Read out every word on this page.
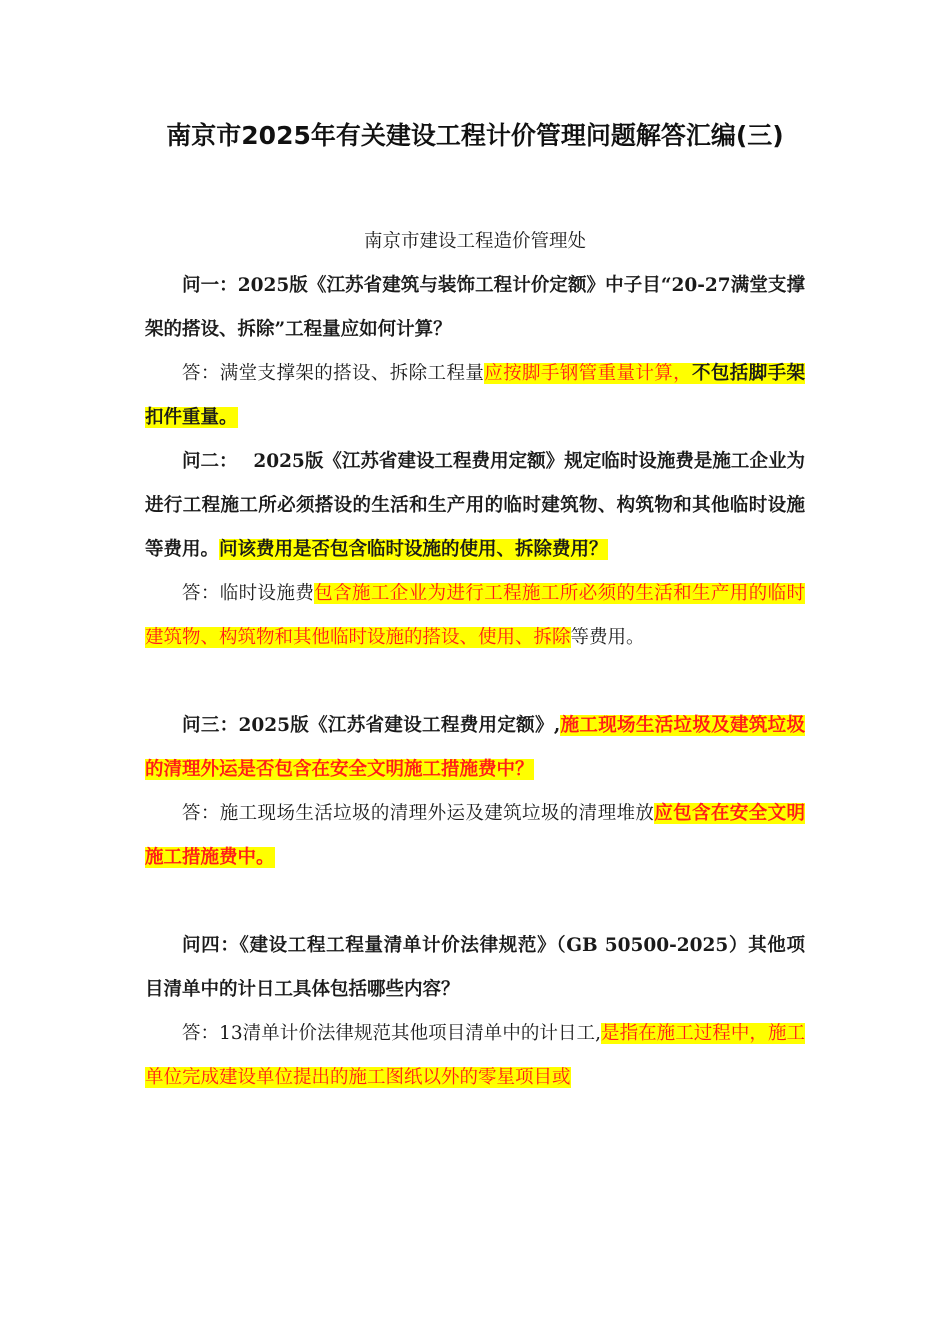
南京市2025年有关建设工程计价管理问题解答汇编(三)
南京市建设工程造价管理处

问一：2025版《江苏省建筑与装饰工程计价定额》中子目“20-27满堂支撑架的搭设、拆除”工程量应如何计算？

答：满堂支撑架的搭设、拆除工程量应按脚手钢管重量计算，不包括脚手架扣件重量。

问二：　 2025版《江苏省建设工程费用定额》规定临时设施费是施工企业为进行工程施工所必须搭设的生活和生产用的临时建筑物、构筑物和其他临时设施等费用。问该费用是否包含临时设施的使用、拆除费用？

答：临时设施费包含施工企业为进行工程施工所必须的生活和生产用的临时建筑物、构筑物和其他临时设施的搭设、使用、拆除等费用。

问三：2025版《江苏省建设工程费用定额》,施工现场生活垃圾及建筑垃圾的清理外运是否包含在安全文明施工措施费中？

答：施工现场生活垃圾的清理外运及建筑垃圾的清理堆放应包含在安全文明施工措施费中。

问四：《建设工程工程量清单计价法律规范》（GB 50500-2025）其他项目清单中的计日工具体包括哪些内容？

答：13清单计价法律规范其他项目清单中的计日工,是指在施工过程中，施工单位完成建设单位提出的施工图纸以外的零星项目或
